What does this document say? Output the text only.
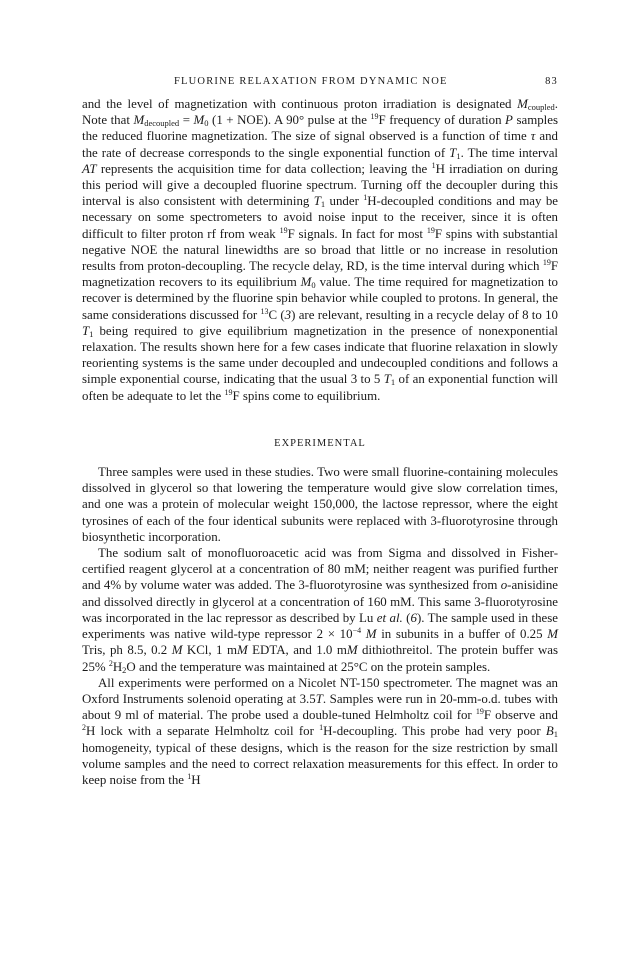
FLUORINE RELAXATION FROM DYNAMIC NOE	83

and the level of magnetization with continuous proton irradiation is designated $M_{coupled}$. Note that $M_{decoupled} = M_0$ (1 + NOE). A 90° pulse at the $^{19}$F frequency of duration P samples the reduced fluorine magnetization. The size of signal observed is a function of time τ and the rate of decrease corresponds to the single exponential function of $T_1$. The time interval AT represents the acquisition time for data collection; leaving the $^1$H irradiation on during this period will give a decoupled fluorine spectrum. Turning off the decoupler during this interval is also consistent with determining $T_1$ under $^1$H-decoupled conditions and may be necessary on some spectrometers to avoid noise input to the receiver, since it is often difficult to filter proton rf from weak $^{19}$F signals. In fact for most $^{19}$F spins with substantial negative NOE the natural linewidths are so broad that little or no increase in resolution results from proton-decoupling. The recycle delay, RD, is the time interval during which $^{19}$F magnetization recovers to its equilibrium $M_0$ value. The time required for magnetization to recover is determined by the fluorine spin behavior while coupled to protons. In general, the same considerations discussed for $^{13}$C (3) are relevant, resulting in a recycle delay of 8 to 10 $T_1$ being required to give equilibrium magnetization in the presence of nonexponential relaxation. The results shown here for a few cases indicate that fluorine relaxation in slowly reorienting systems is the same under decoupled and undecoupled conditions and follows a simple exponential course, indicating that the usual 3 to 5 $T_1$ of an exponential function will often be adequate to let the $^{19}$F spins come to equilibrium.

EXPERIMENTAL

Three samples were used in these studies. Two were small fluorine-containing molecules dissolved in glycerol so that lowering the temperature would give slow correlation times, and one was a protein of molecular weight 150,000, the lactose repressor, where the eight tyrosines of each of the four identical subunits were replaced with 3-fluorotyrosine through biosynthetic incorporation.

The sodium salt of monofluoroacetic acid was from Sigma and dissolved in Fisher-certified reagent glycerol at a concentration of 80 mM; neither reagent was purified further and 4% by volume water was added. The 3-fluorotyrosine was synthesized from o-anisidine and dissolved directly in glycerol at a concentration of 160 mM. This same 3-fluorotyrosine was incorporated in the lac repressor as described by Lu et al. (6). The sample used in these experiments was native wild-type repressor $2 \times 10^{-4}$ M in subunits in a buffer of 0.25 M Tris, ph 8.5, 0.2 M KCl, 1 mM EDTA, and 1.0 mM dithiothreitol. The protein buffer was 25% $^2H_2O$ and the temperature was maintained at 25°C on the protein samples.

All experiments were performed on a Nicolet NT-150 spectrometer. The magnet was an Oxford Instruments solenoid operating at 3.5T. Samples were run in 20-mm-o.d. tubes with about 9 ml of material. The probe used a double-tuned Helmholtz coil for $^{19}$F observe and $^2$H lock with a separate Helmholtz coil for $^1$H-decoupling. This probe had very poor $B_1$ homogeneity, typical of these designs, which is the reason for the size restriction by small volume samples and the need to correct relaxation measurements for this effect. In order to keep noise from the $^1$H
